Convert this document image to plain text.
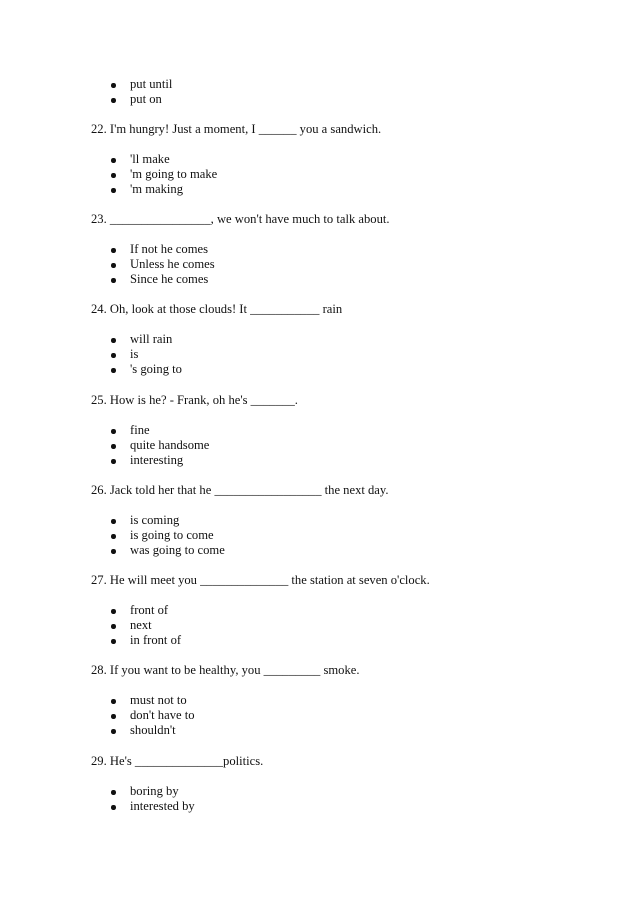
put until
put on

22. I'm hungry! Just a moment, I ______ you a sandwich.

'll make
'm going to make
'm making

23. ________________, we won't have much to talk about.

If not he comes
Unless he comes
Since he comes

24. Oh, look at those clouds! It ___________ rain

will rain
is
's going to

25. How is he? - Frank, oh he's _______.

fine
quite handsome
interesting

26. Jack told her that he _________________ the next day.

is coming
is going to come
was going to come

27. He will meet you ______________ the station at seven o'clock.

front of
next
in front of

28. If you want to be healthy, you _________ smoke.

must not to
don't have to
shouldn't

29. He's ______________politics.

boring by
interested by
